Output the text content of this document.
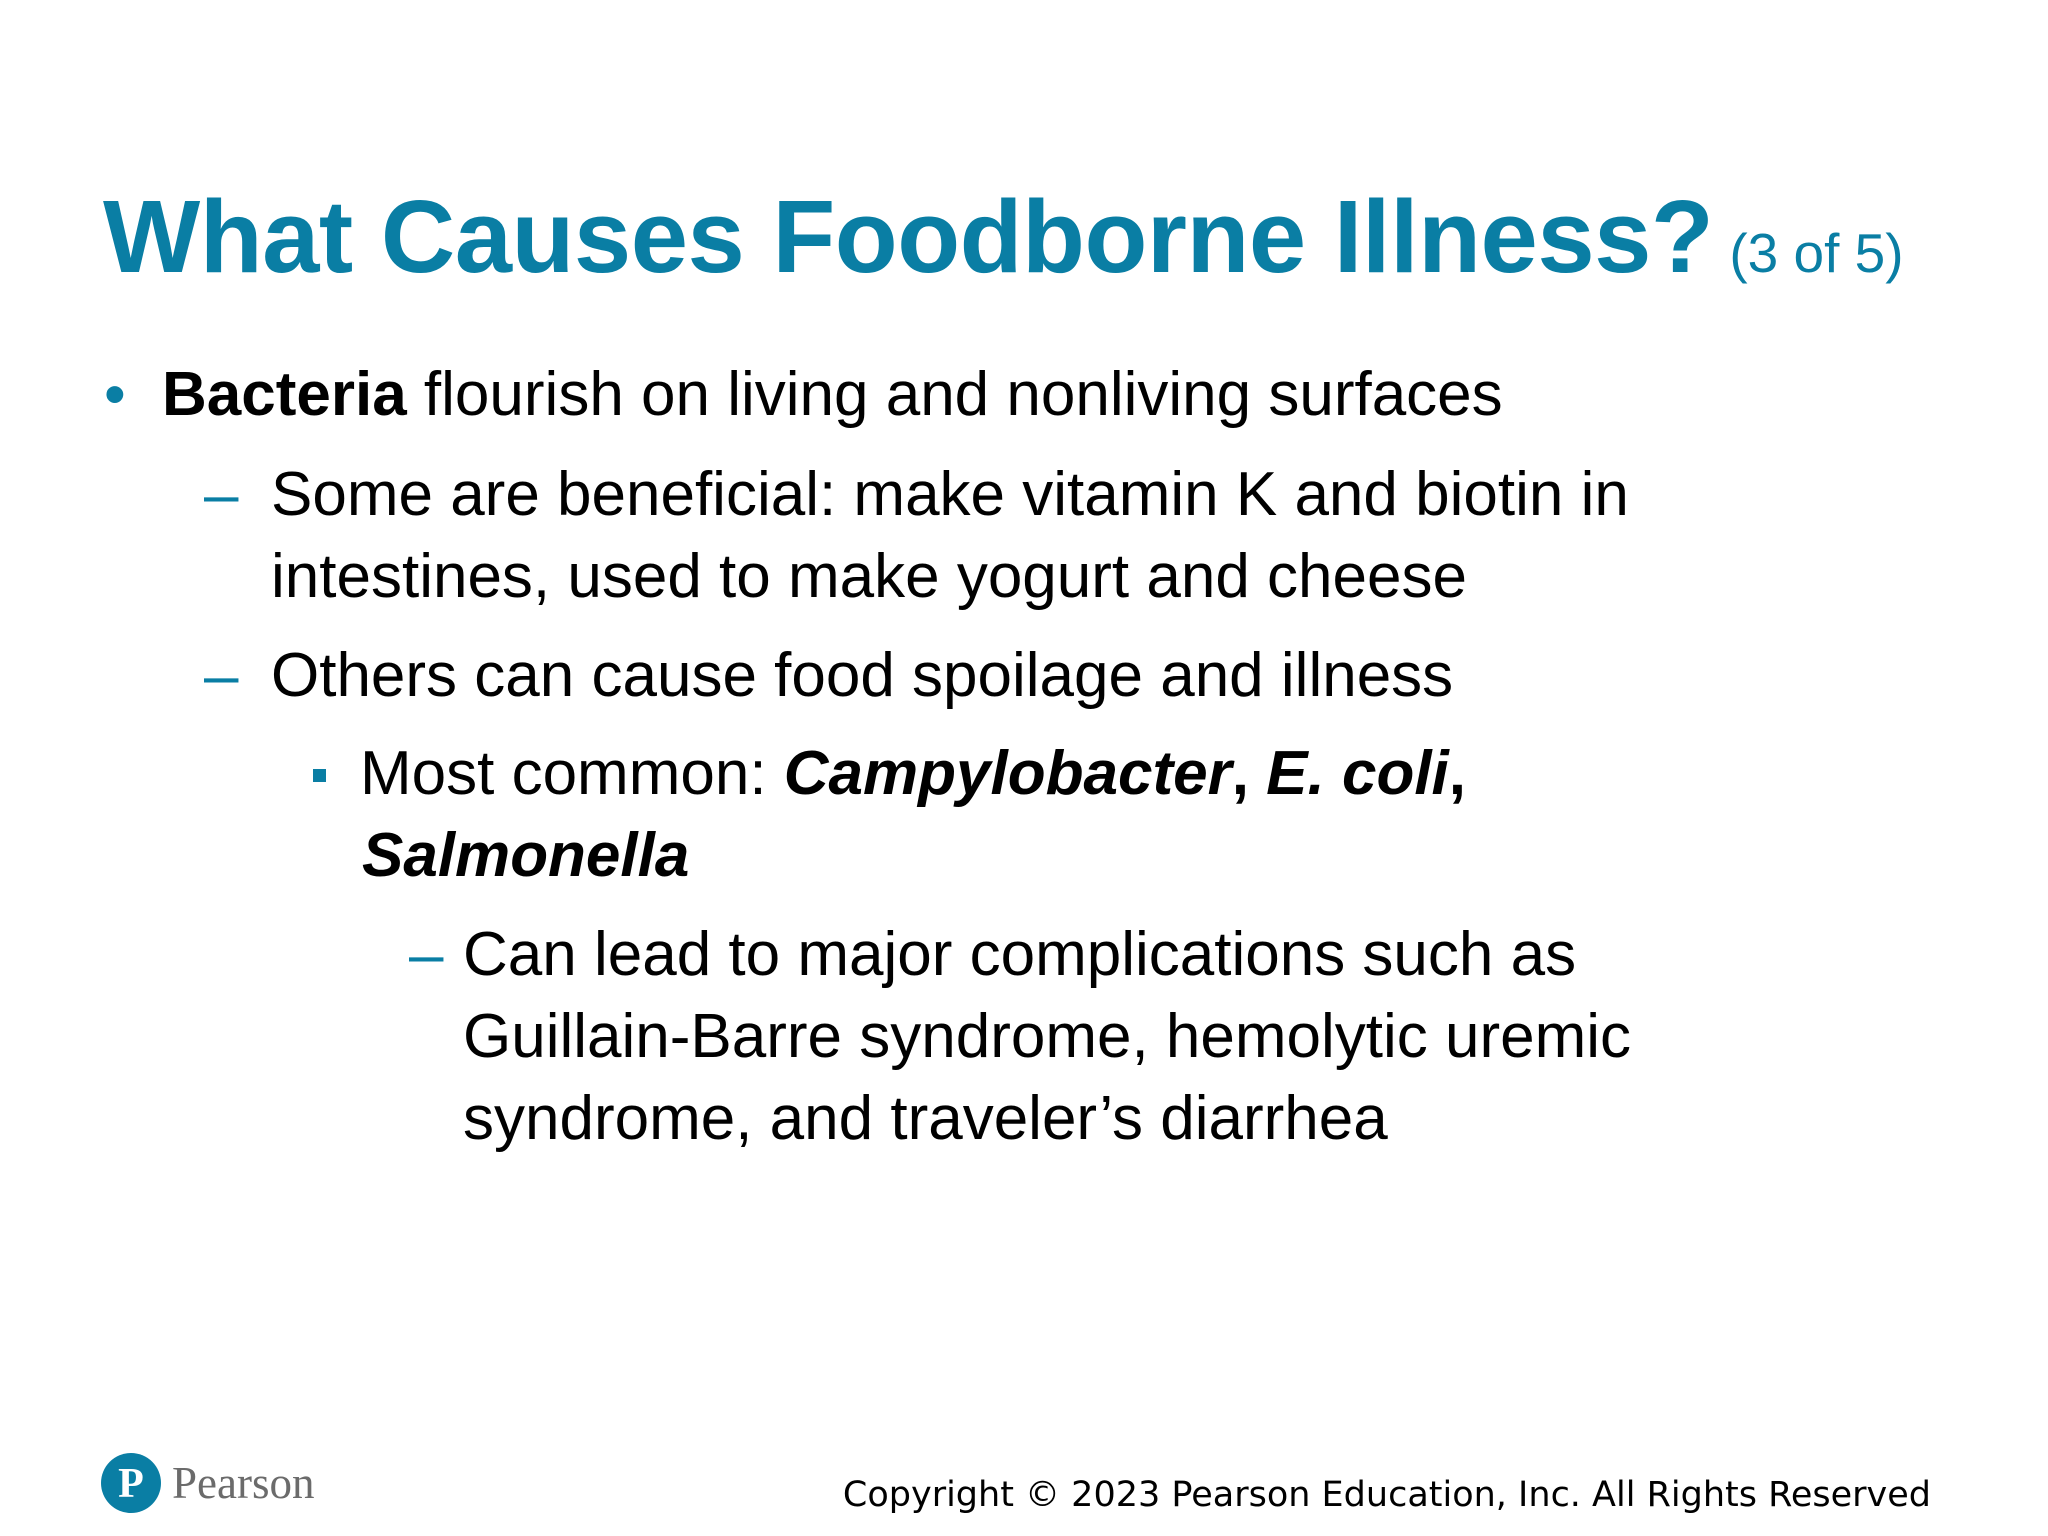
What Causes Foodborne Illness? (3 of 5)
• Bacteria flourish on living and nonliving surfaces
– Some are beneficial: make vitamin K and biotin in
intestines, used to make yogurt and cheese
– Others can cause food spoilage and illness
Most common: Campylobacter, E. coli,
Salmonella
– Can lead to major complications such as
Guillain-Barre syndrome, hemolytic uremic
syndrome, and traveler’s diarrhea
P Pearson	Copyright © 2023 Pearson Education, Inc. All Rights Reserved
